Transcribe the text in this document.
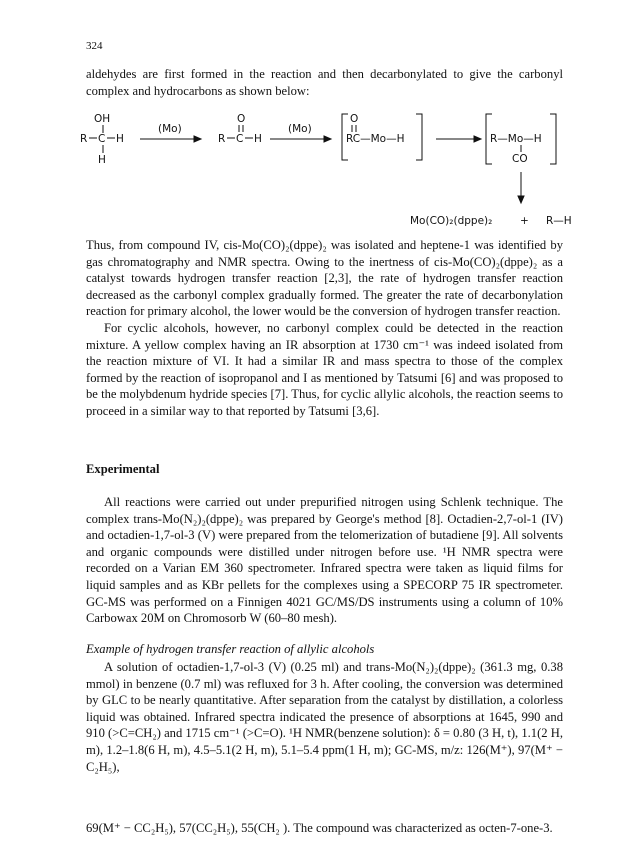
324

aldehydes are first formed in the reaction and then decarbonylated to give the carbonyl complex and hydrocarbons as shown below:

OH
R C H
H
(Mo)
O
R C H
(Mo)
O
RC—Mo—H	R—Mo—H
CO
Mo(CO)₂(dppe)₂	+ R—H

Thus, from compound IV, cis-Mo(CO)₂(dppe)₂ was isolated and heptene-1 was identified by gas chromatography and NMR spectra. Owing to the inertness of cis-Mo(CO)₂(dppe)₂ as a catalyst towards hydrogen transfer reaction [2,3], the rate of hydrogen transfer reaction decreased as the carbonyl complex gradually formed. The greater the rate of decarbonylation reaction for primary alcohol, the lower would be the conversion of hydrogen transfer reaction.

For cyclic alcohols, however, no carbonyl complex could be detected in the reaction mixture. A yellow complex having an IR absorption at 1730 cm⁻¹ was indeed isolated from the reaction mixture of VI. It had a similar IR and mass spectra to those of the complex formed by the reaction of isopropanol and I as mentioned by Tatsumi [6] and was proposed to be the molybdenum hydride species [7]. Thus, for cyclic allylic alcohols, the reaction seems to proceed in a similar way to that reported by Tatsumi [3,6].

Experimental

All reactions were carried out under prepurified nitrogen using Schlenk technique. The complex trans-Mo(N₂)₂(dppe)₂ was prepared by George's method [8]. Octadien-2,7-ol-1 (IV) and octadien-1,7-ol-3 (V) were prepared from the telomerization of butadiene [9]. All solvents and organic compounds were distilled under nitrogen before use. ¹H NMR spectra were recorded on a Varian EM 360 spectrometer. Infrared spectra were taken as liquid films for liquid samples and as KBr pellets for the complexes using a SPECORP 75 IR spectrometer. GC-MS was performed on a Finnigen 4021 GC/MS/DS instruments using a column of 10% Carbowax 20M on Chromosorb W (60–80 mesh).

Example of hydrogen transfer reaction of allylic alcohols

A solution of octadien-1,7-ol-3 (V) (0.25 ml) and trans-Mo(N₂)₂(dppe)₂ (361.3 mg, 0.38 mmol) in benzene (0.7 ml) was refluxed for 3 h. After cooling, the conversion was determined by GLC to be nearly quantitative. After separation from the catalyst by distillation, a colorless liquid was obtained. Infrared spectra indicated the presence of absorptions at 1645, 990 and 910 (>C=CH₂) and 1715 cm⁻¹ (>C=O). ¹H NMR(benzene solution): δ = 0.80 (3 H, t), 1.1(2 H, m), 1.2–1.8(6 H, m), 4.5–5.1(2 H, m), 5.1–5.4 ppm(1 H, m); GC-MS, m/z: 126(M⁺), 97(M⁺ − C₂H₅),

69(M⁺ − CC₂H₅), 57(CC₂H₅), 55(CH₂ ). The compound was characterized as octen-7-one-3.
